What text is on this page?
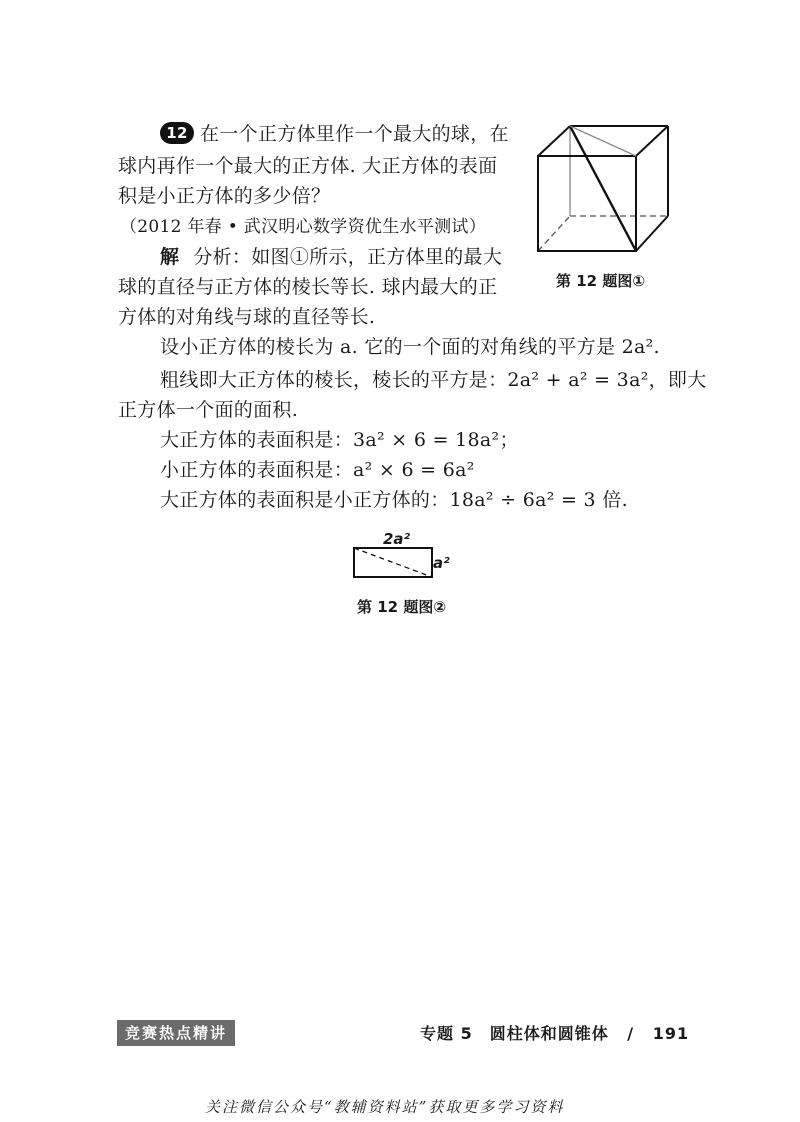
12 在一个正方体里作一个最大的球，在
球内再作一个最大的正方体. 大正方体的表面
积是小正方体的多少倍？
（2012 年春 • 武汉明心数学资优生水平测试）
解 分析：如图①所示，正方体里的最大
球的直径与正方体的棱长等长. 球内最大的正
方体的对角线与球的直径等长.
设小正方体的棱长为 a. 它的一个面的对角线的平方是 2a².
粗线即大正方体的棱长，棱长的平方是：2a² + a² = 3a²，即大
正方体一个面的面积.
大正方体的表面积是：3a² × 6 = 18a²；
小正方体的表面积是：a² × 6 = 6a²
大正方体的表面积是小正方体的：18a² ÷ 6a² = 3 倍.
第 12 题图①
2a²
a²
第 12 题图②
竞赛热点精讲	专题 5　圆柱体和圆锥体 / 191
关注微信公众号“教辅资料站”获取更多学习资料
